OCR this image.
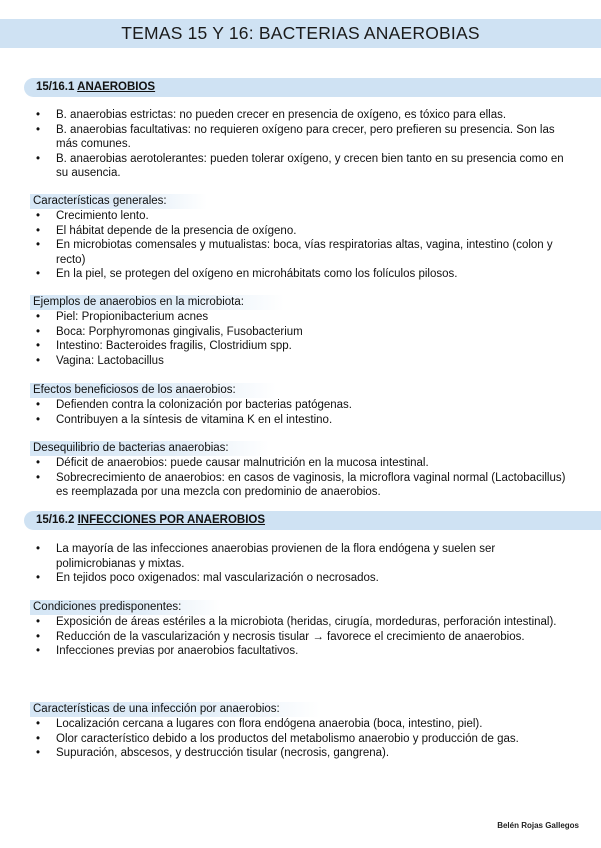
TEMAS 15 Y 16: BACTERIAS ANAEROBIAS
15/16.1 ANAEROBIOS
• B. anaerobias estrictas: no pueden crecer en presencia de oxígeno, es tóxico para ellas.
• B. anaerobias facultativas: no requieren oxígeno para crecer, pero prefieren su presencia. Son las más comunes.
• B. anaerobias aerotolerantes: pueden tolerar oxígeno, y crecen bien tanto en su presencia como en su ausencia.
Características generales:
• Crecimiento lento.
• El hábitat depende de la presencia de oxígeno.
• En microbiotas comensales y mutualistas: boca, vías respiratorias altas, vagina, intestino (colon y recto)
• En la piel, se protegen del oxígeno en microhábitats como los folículos pilosos.
Ejemplos de anaerobios en la microbiota:
• Piel: Propionibacterium acnes
• Boca: Porphyromonas gingivalis, Fusobacterium
• Intestino: Bacteroides fragilis, Clostridium spp.
• Vagina: Lactobacillus
Efectos beneficiosos de los anaerobios:
• Defienden contra la colonización por bacterias patógenas.
• Contribuyen a la síntesis de vitamina K en el intestino.
Desequilibrio de bacterias anaerobias:
• Déficit de anaerobios: puede causar malnutrición en la mucosa intestinal.
• Sobrecrecimiento de anaerobios: en casos de vaginosis, la microflora vaginal normal (Lactobacillus) es reemplazada por una mezcla con predominio de anaerobios.
15/16.2 INFECCIONES POR ANAEROBIOS
• La mayoría de las infecciones anaerobias provienen de la flora endógena y suelen ser polimicrobianas y mixtas.
• En tejidos poco oxigenados: mal vascularización o necrosados.
Condiciones predisponentes:
• Exposición de áreas estériles a la microbiota (heridas, cirugía, mordeduras, perforación intestinal).
• Reducción de la vascularización y necrosis tisular → favorece el crecimiento de anaerobios.
• Infecciones previas por anaerobios facultativos.
Características de una infección por anaerobios:
• Localización cercana a lugares con flora endógena anaerobia (boca, intestino, piel).
• Olor característico debido a los productos del metabolismo anaerobio y producción de gas.
• Supuración, abscesos, y destrucción tisular (necrosis, gangrena).
Belén Rojas Gallegos
